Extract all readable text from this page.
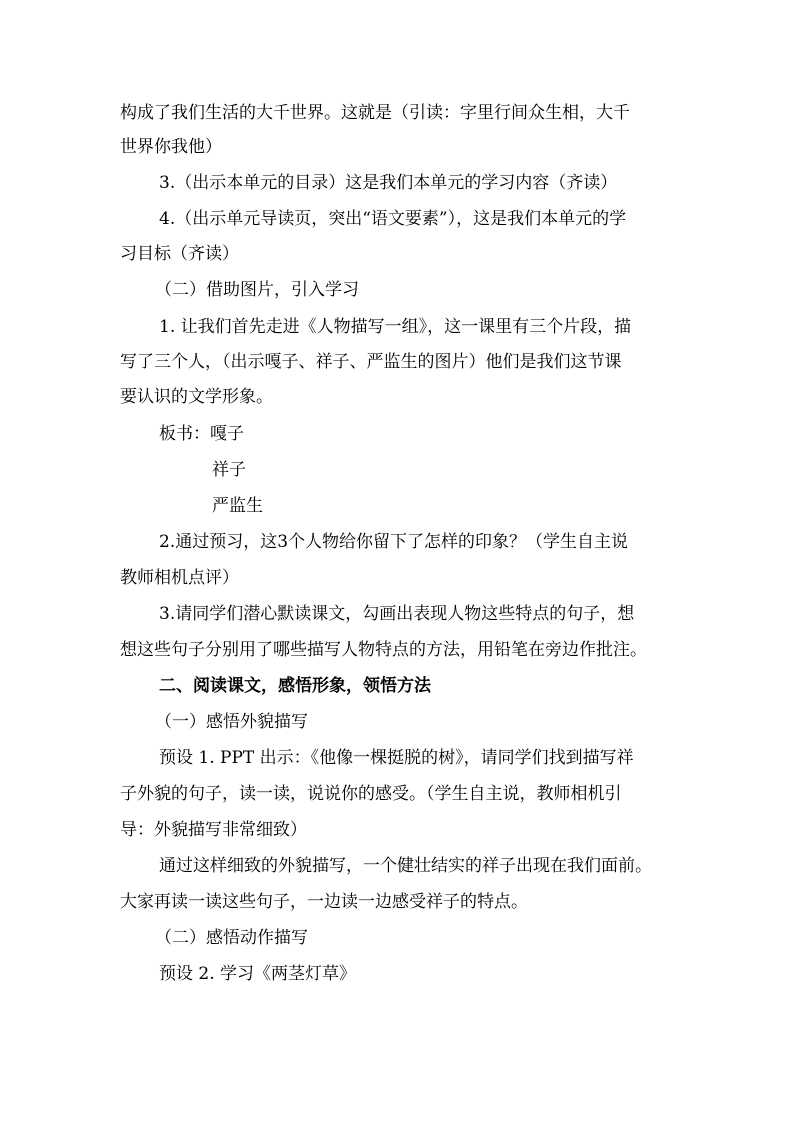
构成了我们生活的大千世界。这就是（引读：字里行间众生相，大千
世界你我他）
3.（出示本单元的目录）这是我们本单元的学习内容（齐读）
4.（出示单元导读页，突出“语文要素”），这是我们本单元的学
习目标（齐读）
（二）借助图片，引入学习
1. 让我们首先走进《人物描写一组》，这一课里有三个片段，描
写了三个人，（出示嘎子、祥子、严监生的图片）他们是我们这节课
要认识的文学形象。
板书：嘎子
祥子
严监生
2.通过预习，这3个人物给你留下了怎样的印象？（学生自主说
教师相机点评）
3.请同学们潜心默读课文，勾画出表现人物这些特点的句子，想
想这些句子分别用了哪些描写人物特点的方法，用铅笔在旁边作批注。
二、阅读课文，感悟形象，领悟方法
（一）感悟外貌描写
预设 1. PPT 出示：《他像一棵挺脱的树》，请同学们找到描写祥
子外貌的句子，读一读，说说你的感受。（学生自主说，教师相机引
导：外貌描写非常细致）
通过这样细致的外貌描写，一个健壮结实的祥子出现在我们面前。
大家再读一读这些句子，一边读一边感受祥子的特点。
（二）感悟动作描写
预设 2. 学习《两茎灯草》
